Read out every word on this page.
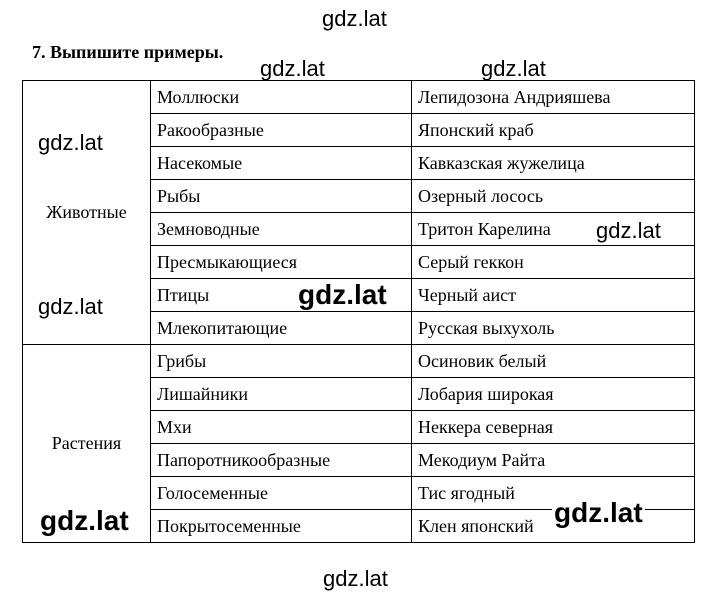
gdz.lat
gdz.lat	gdz.lat
gdz.lat
gdz.lat
gdz.lat
gdz.lat
gdz.lat	gdz.lat
gdz.lat
7. Выпишите примеры.
Животные	Моллюски	Лепидозона Андрияшева
	Ракообразные	Японский краб
	Насекомые	Кавказская жужелица
	Рыбы	Озерный лосось
	Земноводные	Тритон Карелина
	Пресмыкающиеся	Серый геккон
	Птицы	Черный аист
	Млекопитающие	Русская выхухоль
Растения	Грибы	Осиновик белый
	Лишайники	Лобария широкая
	Мхи	Неккера северная
	Папоротникообразные	Мекодиум Райта
	Голосеменные	Тис ягодный
	Покрытосеменные	Клен японский
